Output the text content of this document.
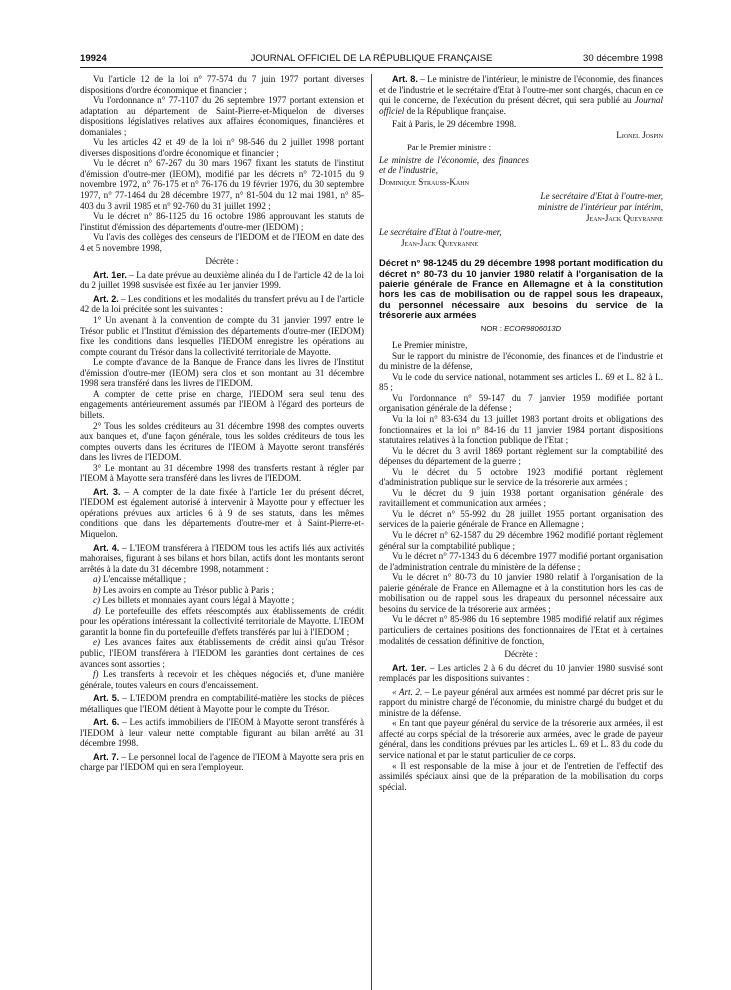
19924	JOURNAL OFFICIEL DE LA RÉPUBLIQUE FRANÇAISE	30 décembre 1998

Vu l'article 12 de la loi n° 77-574 du 7 juin 1977 portant diverses dispositions d'ordre économique et financier ;

Vu l'ordonnance n° 77-1107 du 26 septembre 1977 portant extension et adaptation au département de Saint-Pierre-et-Miquelon de diverses dispositions législatives relatives aux affaires économiques, financières et domaniales ;

Vu les articles 42 et 49 de la loi n° 98-546 du 2 juillet 1998 portant diverses dispositions d'ordre économique et financier ;

Vu le décret n° 67-267 du 30 mars 1967 fixant les statuts de l'institut d'émission d'outre-mer (IEOM), modifié par les décrets n° 72-1015 du 9 novembre 1972, n° 76-175 et n° 76-176 du 19 février 1976, du 30 septembre 1977, n° 77-1464 du 28 décembre 1977, n° 81-504 du 12 mai 1981, n° 85-403 du 3 avril 1985 et n° 92-760 du 31 juillet 1992 ;

Vu le décret n° 86-1125 du 16 octobre 1986 approuvant les statuts de l'institut d'émission des départements d'outre-mer (IEDOM) ;

Vu l'avis des collèges des censeurs de l'IEDOM et de l'IEOM en date des 4 et 5 novembre 1998,

Décrète :

Art. 1er. – La date prévue au deuxième alinéa du I de l'article 42 de la loi du 2 juillet 1998 susvisée est fixée au 1er janvier 1999.

Art. 2. – Les conditions et les modalités du transfert prévu au I de l'article 42 de la loi précitée sont les suivantes :

1° Un avenant à la convention de compte du 31 janvier 1997 entre le Trésor public et l'Institut d'émission des départements d'outre-mer (IEDOM) fixe les conditions dans lesquelles l'IEDOM enregistre les opérations au compte courant du Trésor dans la collectivité territoriale de Mayotte.

Le compte d'avance de la Banque de France dans les livres de l'Institut d'émission d'outre-mer (IEOM) sera clos et son montant au 31 décembre 1998 sera transféré dans les livres de l'IEDOM.

A compter de cette prise en charge, l'IEDOM sera seul tenu des engagements antérieurement assumés par l'IEOM à l'égard des porteurs de billets.

2° Tous les soldes créditeurs au 31 décembre 1998 des comptes ouverts aux banques et, d'une façon générale, tous les soldes créditeurs de tous les comptes ouverts dans les écritures de l'IEOM à Mayotte seront transférés dans les livres de l'IEDOM.

3° Le montant au 31 décembre 1998 des transferts restant à régler par l'IEOM à Mayotte sera transféré dans les livres de l'IEDOM.

Art. 3. – A compter de la date fixée à l'article 1er du présent décret, l'IEDOM est également autorisé à intervenir à Mayotte pour y effectuer les opérations prévues aux articles 6 à 9 de ses statuts, dans les mêmes conditions que dans les départements d'outre-mer et à Saint-Pierre-et-Miquelon.

Art. 4. – L'IEOM transférera à l'IEDOM tous les actifs liés aux activités mahoraises, figurant à ses bilans et hors bilan, actifs dont les montants seront arrêtés à la date du 31 décembre 1998, notamment :

a) L'encaisse métallique ;

b) Les avoirs en compte au Trésor public à Paris ;

c) Les billets et monnaies ayant cours légal à Mayotte ;

d) Le portefeuille des effets réescomptés aux établissements de crédit pour les opérations intéressant la collectivité territoriale de Mayotte. L'IEOM garantit la bonne fin du portefeuille d'effets transférés par lui à l'IEDOM ;

e) Les avances faites aux établissements de crédit ainsi qu'au Trésor public, l'IEOM transférera à l'IEDOM les garanties dont certaines de ces avances sont assorties ;

f) Les transferts à recevoir et les chèques négociés et, d'une manière générale, toutes valeurs en cours d'encaissement.

Art. 5. – L'IEDOM prendra en comptabilité-matière les stocks de pièces métalliques que l'IEOM détient à Mayotte pour le compte du Trésor.

Art. 6. – Les actifs immobiliers de l'IEOM à Mayotte seront transférés à l'IEDOM à leur valeur nette comptable figurant au bilan arrêté au 31 décembre 1998.

Art. 7. – Le personnel local de l'agence de l'IEOM à Mayotte sera pris en charge par l'IEDOM qui en sera l'employeur.

Art. 8. – Le ministre de l'intérieur, le ministre de l'économie, des finances et de l'industrie et le secrétaire d'Etat à l'outre-mer sont chargés, chacun en ce qui le concerne, de l'exécution du présent décret, qui sera publié au Journal officiel de la République française.

Fait à Paris, le 29 décembre 1998.

Lionel Jospin

Par le Premier ministre :

Le ministre de l'économie, des finances et de l'industrie,

Dominique Strauss-Kahn

Le secrétaire d'Etat à l'outre-mer,

ministre de l'intérieur par intérim,

Jean-Jack Queyranne

Le secrétaire d'Etat à l'outre-mer,

Jean-Jack Queyranne

Décret n° 98-1245 du 29 décembre 1998 portant modification du décret n° 80-73 du 10 janvier 1980 relatif à l'organisation de la paierie générale de France en Allemagne et à la constitution hors les cas de mobilisation ou de rappel sous les drapeaux, du personnel nécessaire aux besoins du service de la trésorerie aux armées

NOR : ECOR9806013D

Le Premier ministre,

Sur le rapport du ministre de l'économie, des finances et de l'industrie et du ministre de la défense,

Vu le code du service national, notamment ses articles L. 69 et L. 82 à L. 85 ;

Vu l'ordonnance n° 59-147 du 7 janvier 1959 modifiée portant organisation générale de la défense ;

Vu la loi n° 83-634 du 13 juillet 1983 portant droits et obligations des fonctionnaires et la loi n° 84-16 du 11 janvier 1984 portant dispositions statutaires relatives à la fonction publique de l'Etat ;

Vu le décret du 3 avril 1869 portant règlement sur la comptabilité des dépenses du département de la guerre ;

Vu le décret du 5 octobre 1923 modifié portant règlement d'administration publique sur le service de la trésorerie aux armées ;

Vu le décret du 9 juin 1938 portant organisation générale des ravitaillement et communication aux armées ;

Vu le décret n° 55-992 du 28 juillet 1955 portant organisation des services de la paierie générale de France en Allemagne ;

Vu le décret n° 62-1587 du 29 décembre 1962 modifié portant règlement général sur la comptabilité publique ;

Vu le décret n° 77-1343 du 6 décembre 1977 modifié portant organisation de l'administration centrale du ministère de la défense ;

Vu le décret n° 80-73 du 10 janvier 1980 relatif à l'organisation de la paierie générale de France en Allemagne et à la constitution hors les cas de mobilisation ou de rappel sous les drapeaux du personnel nécessaire aux besoins du service de la trésorerie aux armées ;

Vu le décret n° 85-986 du 16 septembre 1985 modifié relatif aux régimes particuliers de certaines positions des fonctionnaires de l'Etat et à certaines modalités de cessation définitive de fonction,

Décrète :

Art. 1er. – Les articles 2 à 6 du décret du 10 janvier 1980 susvisé sont remplacés par les dispositions suivantes :

« Art. 2. – Le payeur général aux armées est nommé par décret pris sur le rapport du ministre chargé de l'économie, du ministre chargé du budget et du ministre de la défense.

« En tant que payeur général du service de la trésorerie aux armées, il est affecté au corps spécial de la trésorerie aux armées, avec le grade de payeur général, dans les conditions prévues par les articles L. 69 et L. 83 du code du service national et par le statut particulier de ce corps.

« Il est responsable de la mise à jour et de l'entretien de l'effectif des assimilés spéciaux ainsi que de la préparation de la mobilisation du corps spécial.
